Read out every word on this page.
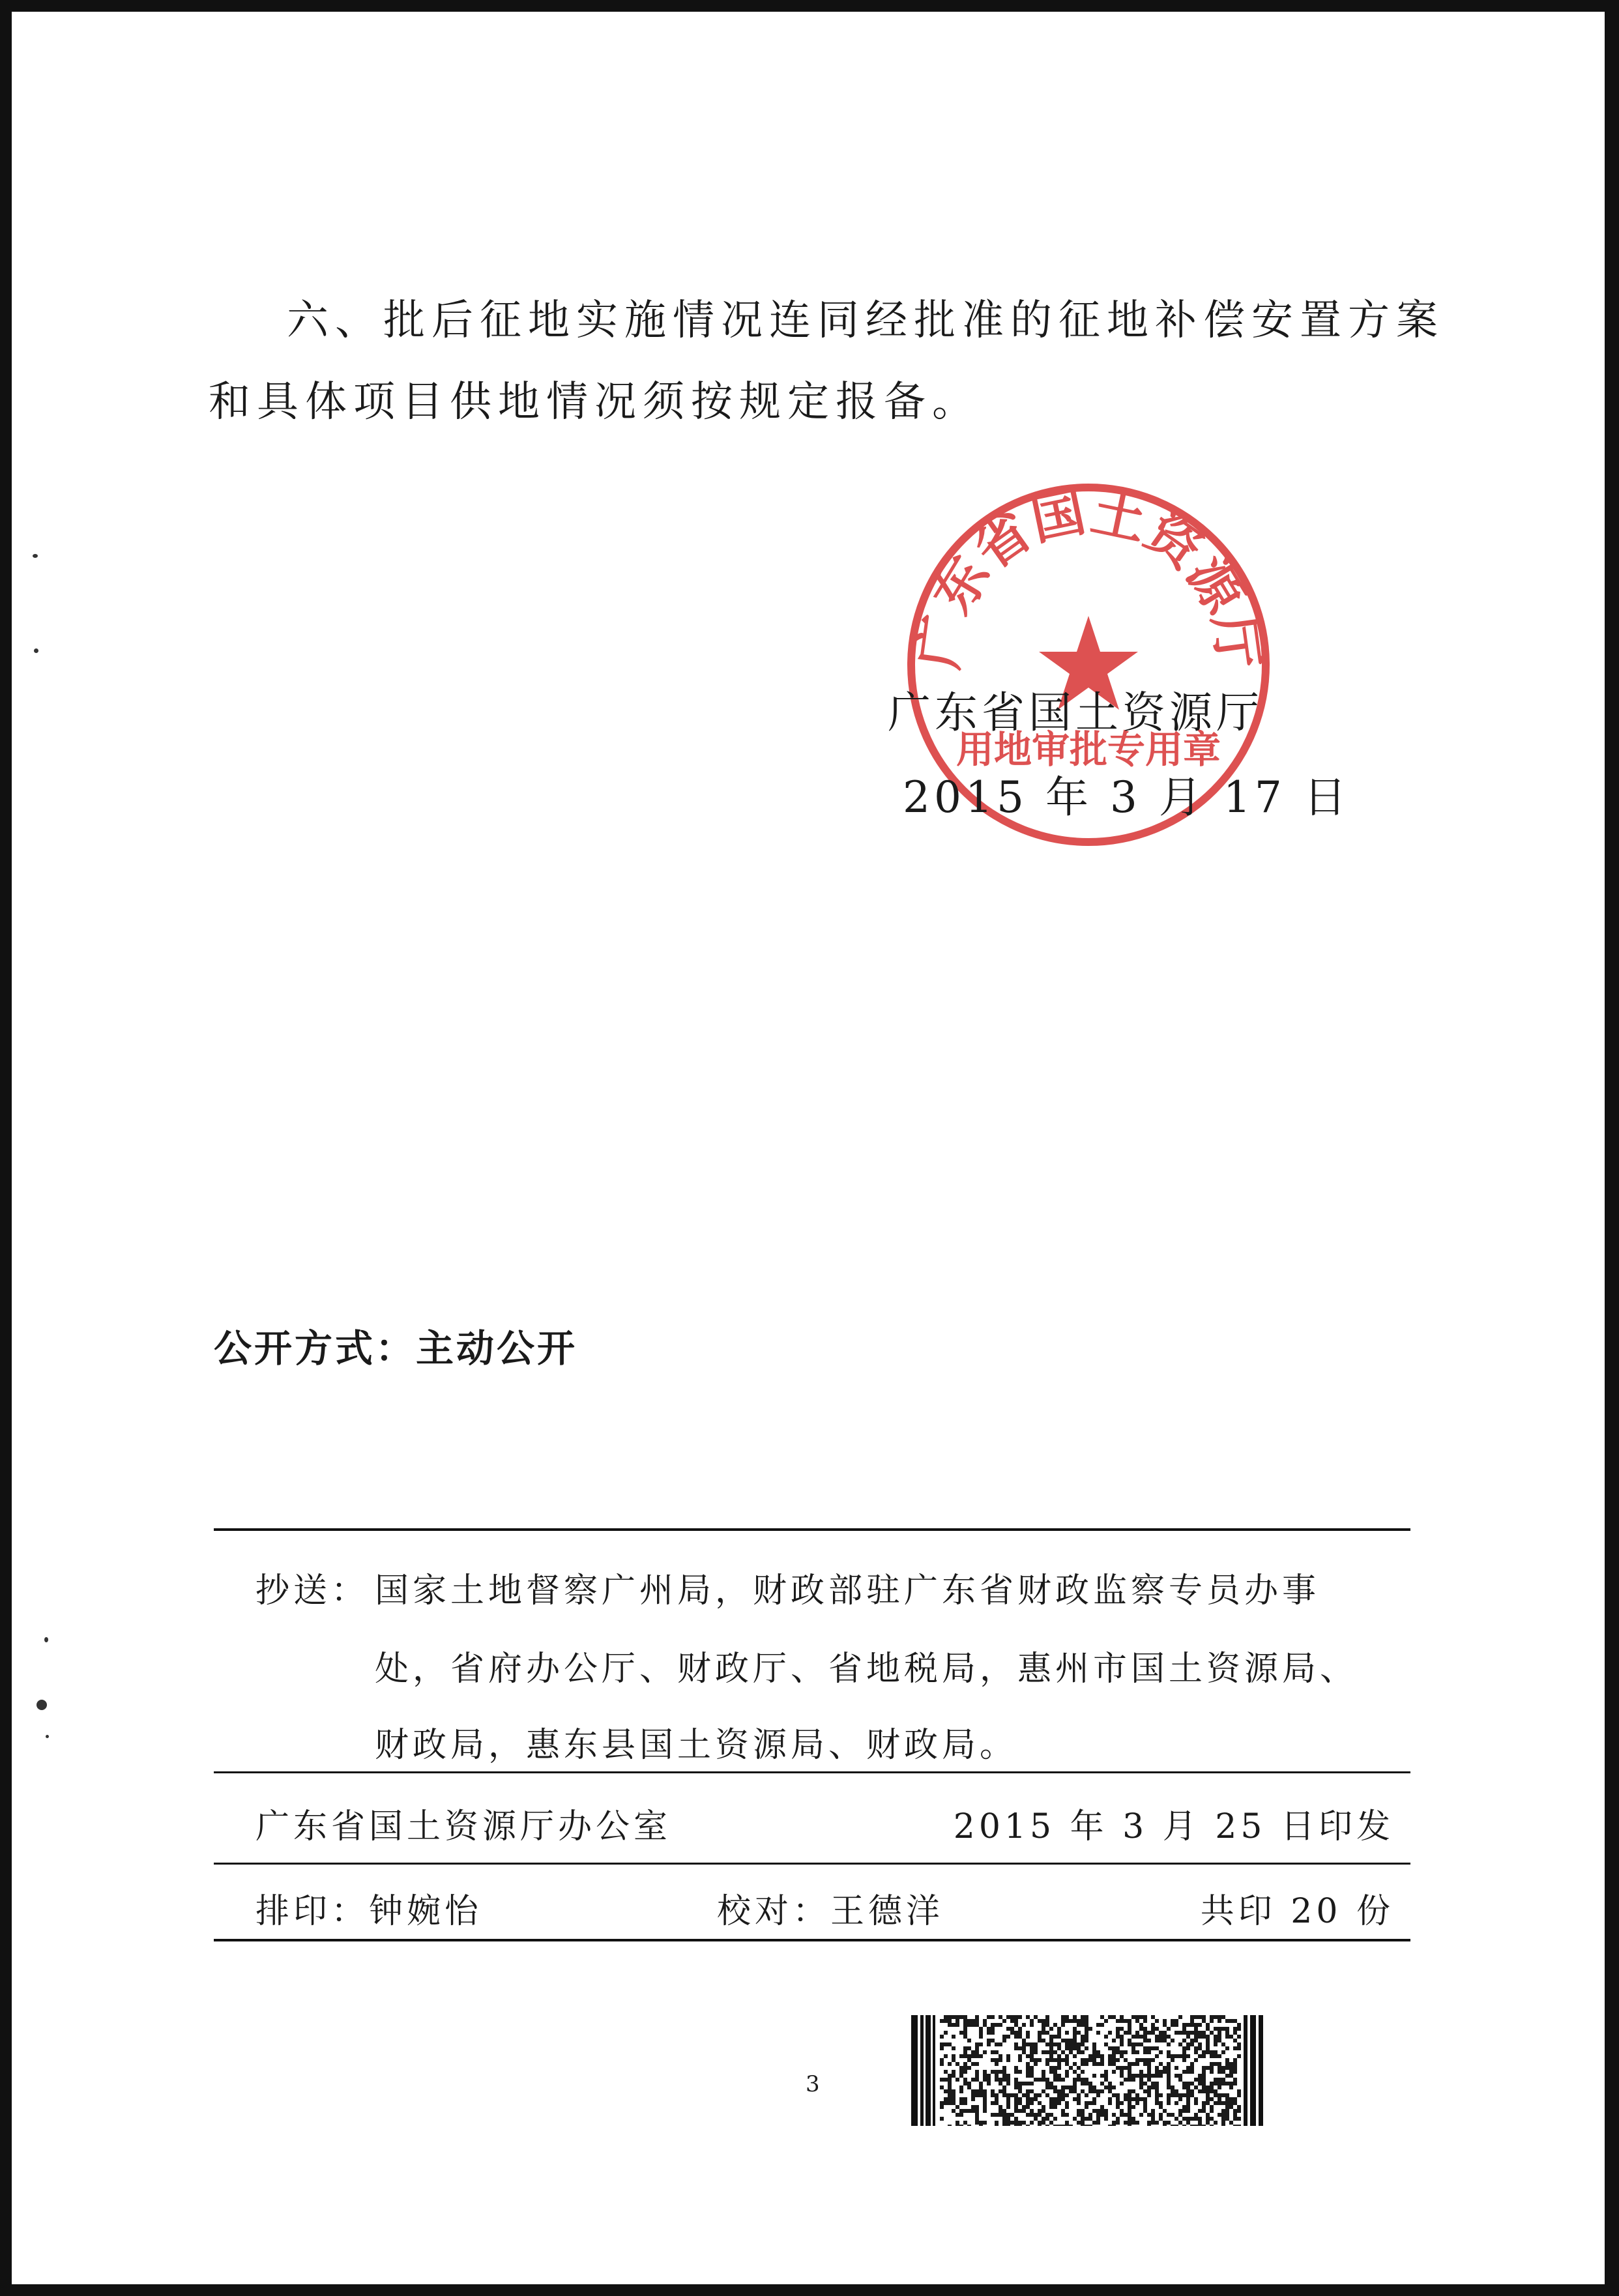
六、批后征地实施情况连同经批准的征地补偿安置方案
和具体项目供地情况须按规定报备。
广东省国土资源厅
用地审批专用章
广东省国土资源厅
2015 年 3 月 17 日
公开方式：主动公开
抄送： 国家土地督察广州局，财政部驻广东省财政监察专员办事
处，省府办公厅、财政厅、省地税局，惠州市国土资源局、
财政局，惠东县国土资源局、财政局。
广东省国土资源厅办公室	2015 年 3 月 25 日印发
排印：钟婉怡	校对：王德洋	共印 20 份
3
